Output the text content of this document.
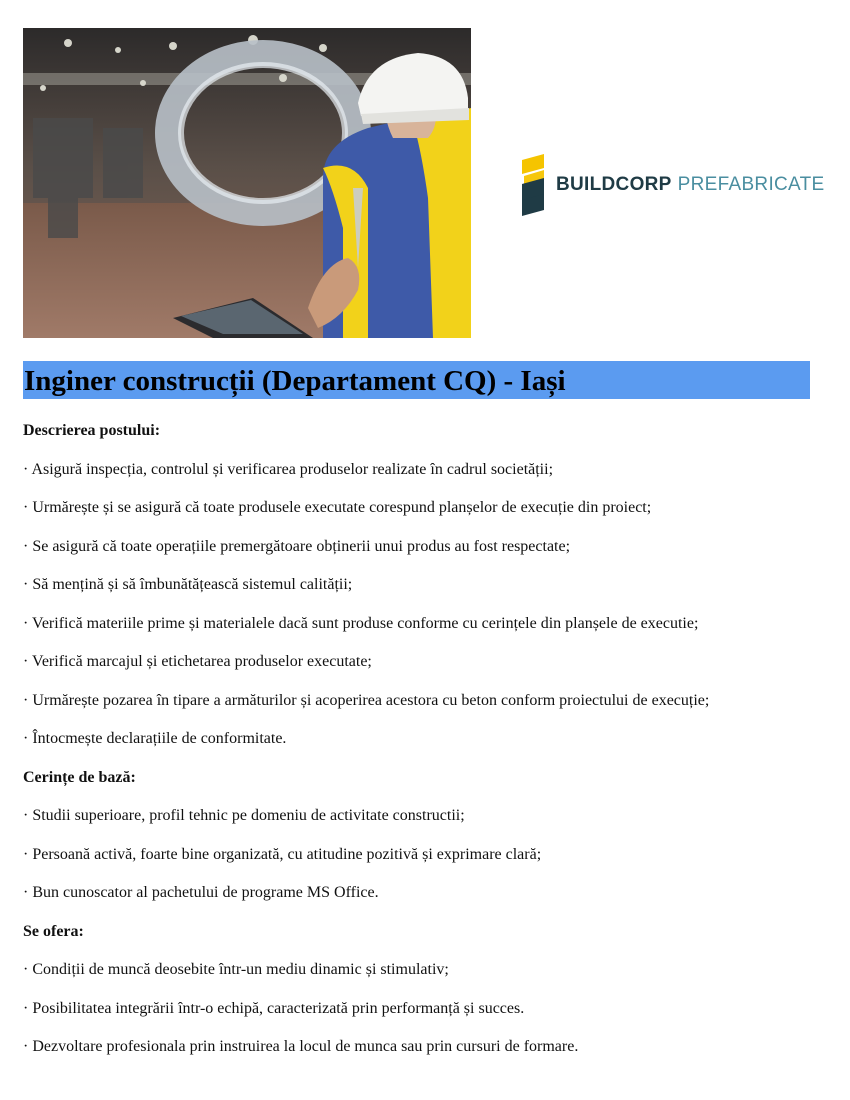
BUILDCORP PREFABRICATE
Inginer construcții (Departament CQ) - Iași
Descrierea postului:
· Asigură inspecția, controlul și verificarea produselor realizate în cadrul societății;
· Urmărește și se asigură că toate produsele executate corespund planșelor de execuție din proiect;
· Se asigură că toate operațiile premergătoare obținerii unui produs au fost respectate;
· Să mențină și să îmbunătățească sistemul calității;
· Verifică materiile prime și materialele dacă sunt produse conforme cu cerințele din planșele de executie;
· Verifică marcajul și etichetarea produselor executate;
· Urmărește pozarea în tipare a armăturilor și acoperirea acestora cu beton conform proiectului de execuție;
· Întocmește declarațiile de conformitate.
Cerințe de bază:
· Studii superioare, profil tehnic pe domeniu de activitate constructii;
· Persoană activă, foarte bine organizată, cu atitudine pozitivă și exprimare clară;
· Bun cunoscator al pachetului de programe MS Office.
Se ofera:
· Condiții de muncă deosebite într-un mediu dinamic și stimulativ;
· Posibilitatea integrării într-o echipă, caracterizată prin performanță și succes.
· Dezvoltare profesionala prin instruirea la locul de munca sau prin cursuri de formare.
